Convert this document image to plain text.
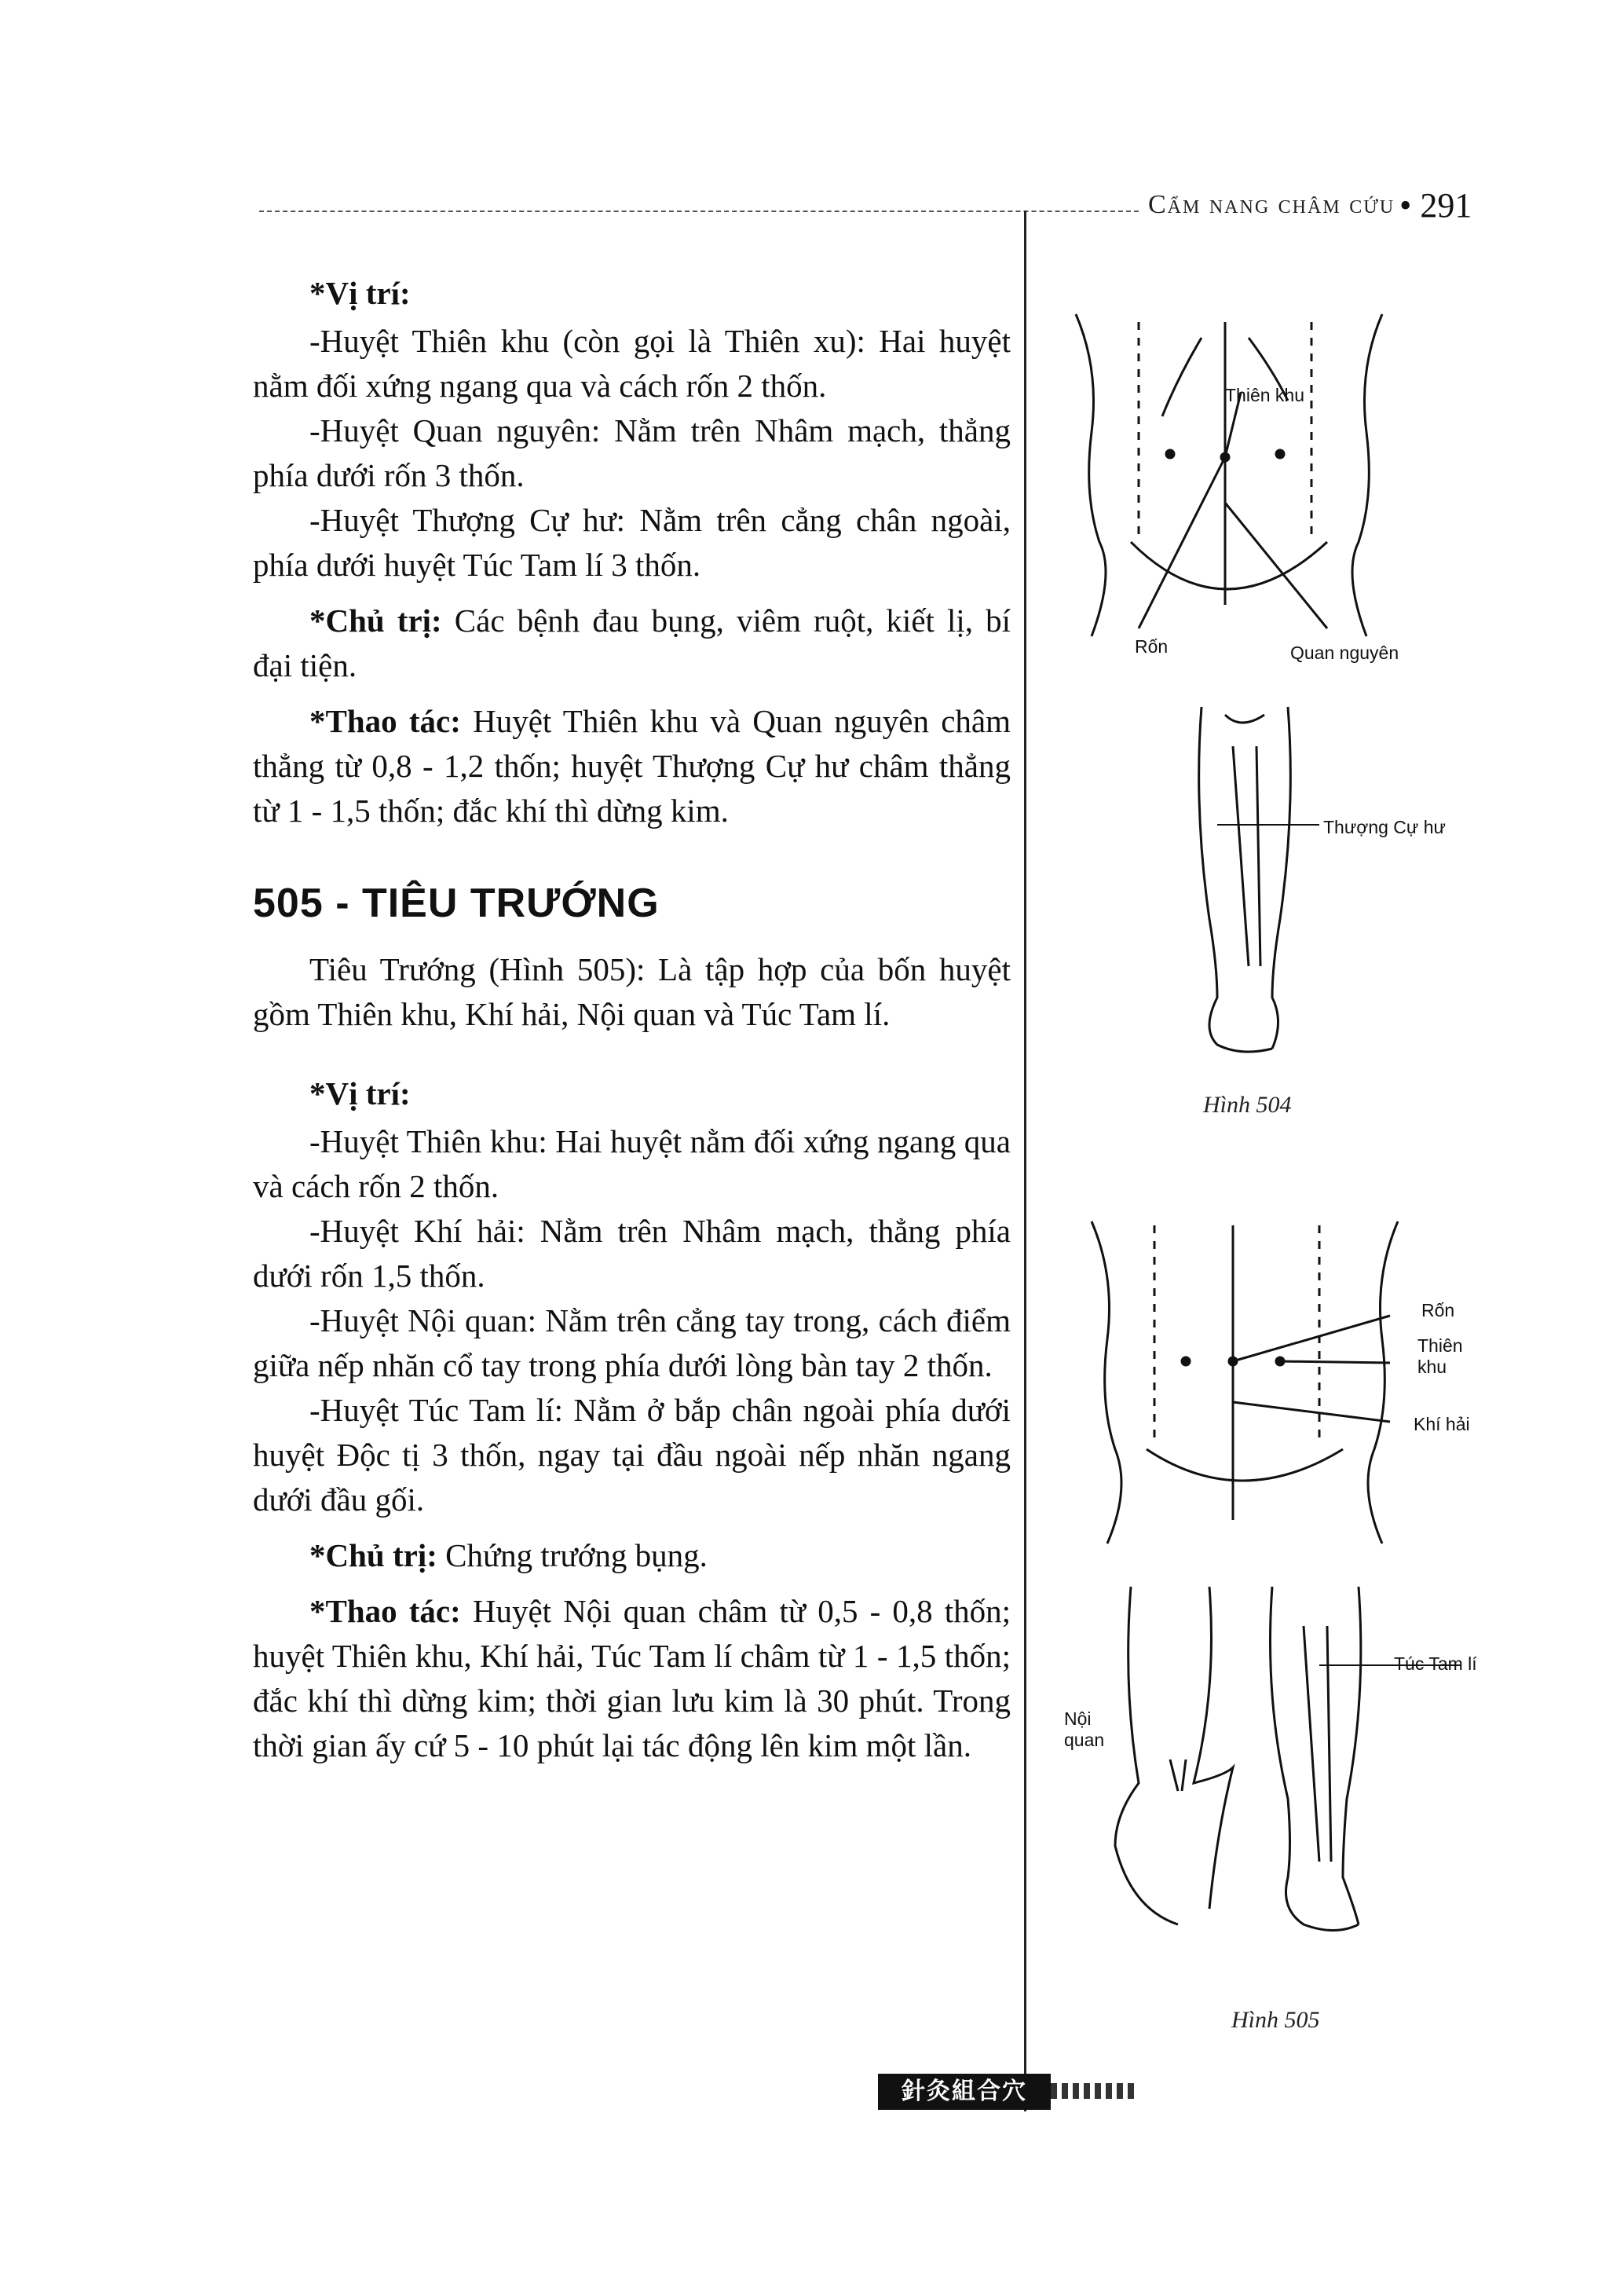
Cẩm nang châm cứu • 291

*Vị trí:

-Huyệt Thiên khu (còn gọi là Thiên xu): Hai huyệt nằm đối xứng ngang qua và cách rốn 2 thốn.

-Huyệt Quan nguyên: Nằm trên Nhâm mạch, thẳng phía dưới rốn 3 thốn.

-Huyệt Thượng Cự hư: Nằm trên cẳng chân ngoài, phía dưới huyệt Túc Tam lí 3 thốn.

*Chủ trị: Các bệnh đau bụng, viêm ruột, kiết lị, bí đại tiện.

*Thao tác: Huyệt Thiên khu và Quan nguyên châm thẳng từ 0,8 - 1,2 thốn; huyệt Thượng Cự hư châm thẳng từ 1 - 1,5 thốn; đắc khí thì dừng kim.

505 - TIÊU TRƯỚNG

Tiêu Trướng (Hình 505): Là tập hợp của bốn huyệt gồm Thiên khu, Khí hải, Nội quan và Túc Tam lí.

*Vị trí:

-Huyệt Thiên khu: Hai huyệt nằm đối xứng ngang qua và cách rốn 2 thốn.

-Huyệt Khí hải: Nằm trên Nhâm mạch, thẳng phía dưới rốn 1,5 thốn.

-Huyệt Nội quan: Nằm trên cẳng tay trong, cách điểm giữa nếp nhăn cổ tay trong phía dưới lòng bàn tay 2 thốn.

-Huyệt Túc Tam lí: Nằm ở bắp chân ngoài phía dưới huyệt Độc tị 3 thốn, ngay tại đầu ngoài nếp nhăn ngang dưới đầu gối.

*Chủ trị: Chứng trướng bụng.

*Thao tác: Huyệt Nội quan châm từ 0,5 - 0,8 thốn; huyệt Thiên khu, Khí hải, Túc Tam lí châm từ 1 - 1,5 thốn; đắc khí thì dừng kim; thời gian lưu kim là 30 phút. Trong thời gian ấy cứ 5 - 10 phút lại tác động lên kim một lần.

Thiên khu
Rốn	Quan nguyên
Thượng Cự hư
Hình 504
Rốn
Thiên khu
Khí hải
Nội quan
Túc Tam lí
Hình 505
針灸組合穴
